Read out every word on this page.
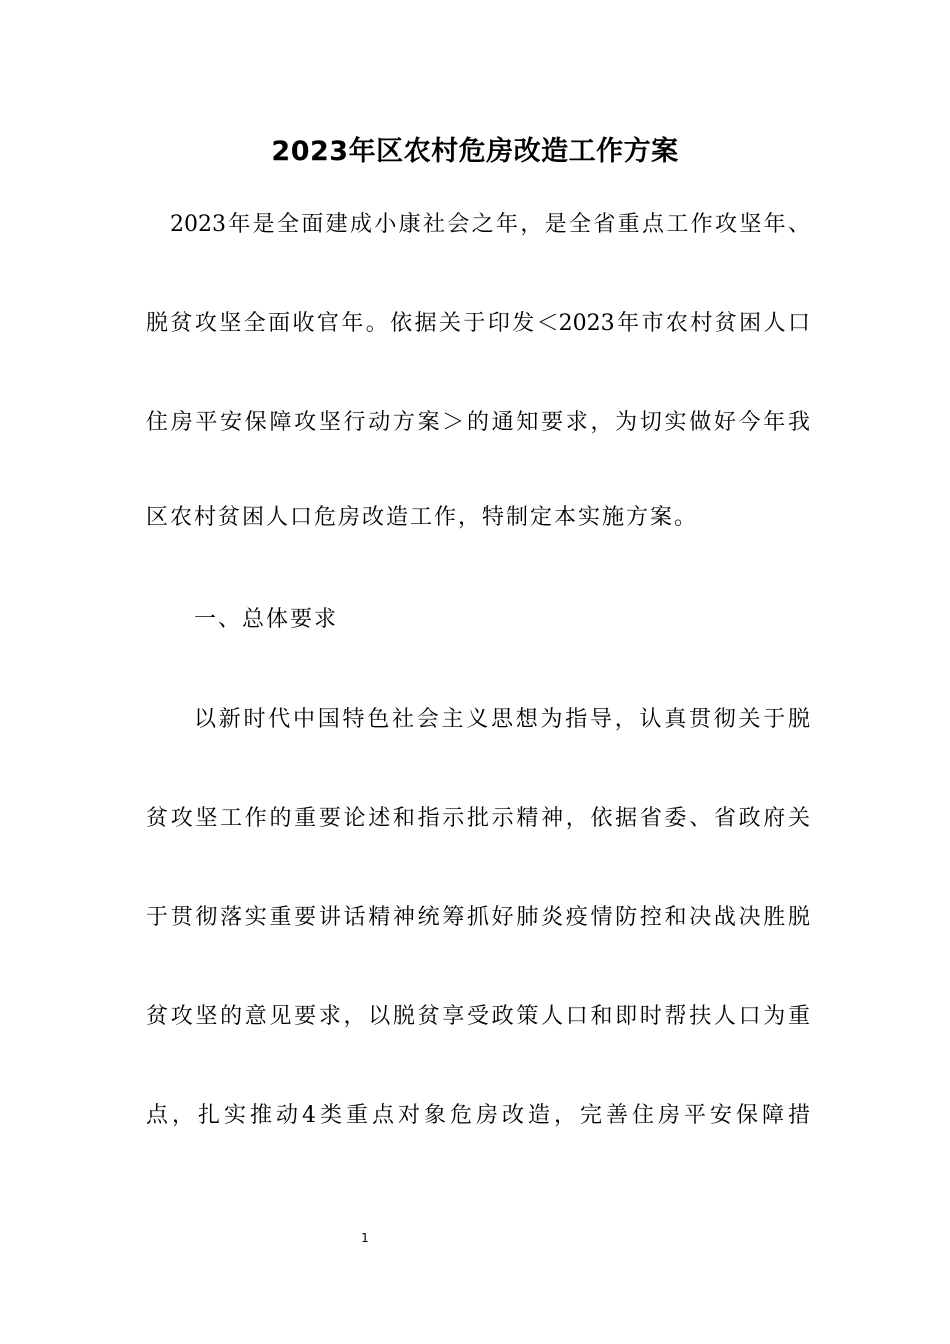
2023年区农村危房改造工作方案
2023年是全面建成小康社会之年，是全省重点工作攻坚年、
脱贫攻坚全面收官年。依据关于印发＜2023年市农村贫困人口
住房平安保障攻坚行动方案＞的通知要求，为切实做好今年我
区农村贫困人口危房改造工作，特制定本实施方案。
一、总体要求
以新时代中国特色社会主义思想为指导，认真贯彻关于脱
贫攻坚工作的重要论述和指示批示精神，依据省委、省政府关
于贯彻落实重要讲话精神统筹抓好肺炎疫情防控和决战决胜脱
贫攻坚的意见要求，以脱贫享受政策人口和即时帮扶人口为重
点，扎实推动4类重点对象危房改造，完善住房平安保障措
1
